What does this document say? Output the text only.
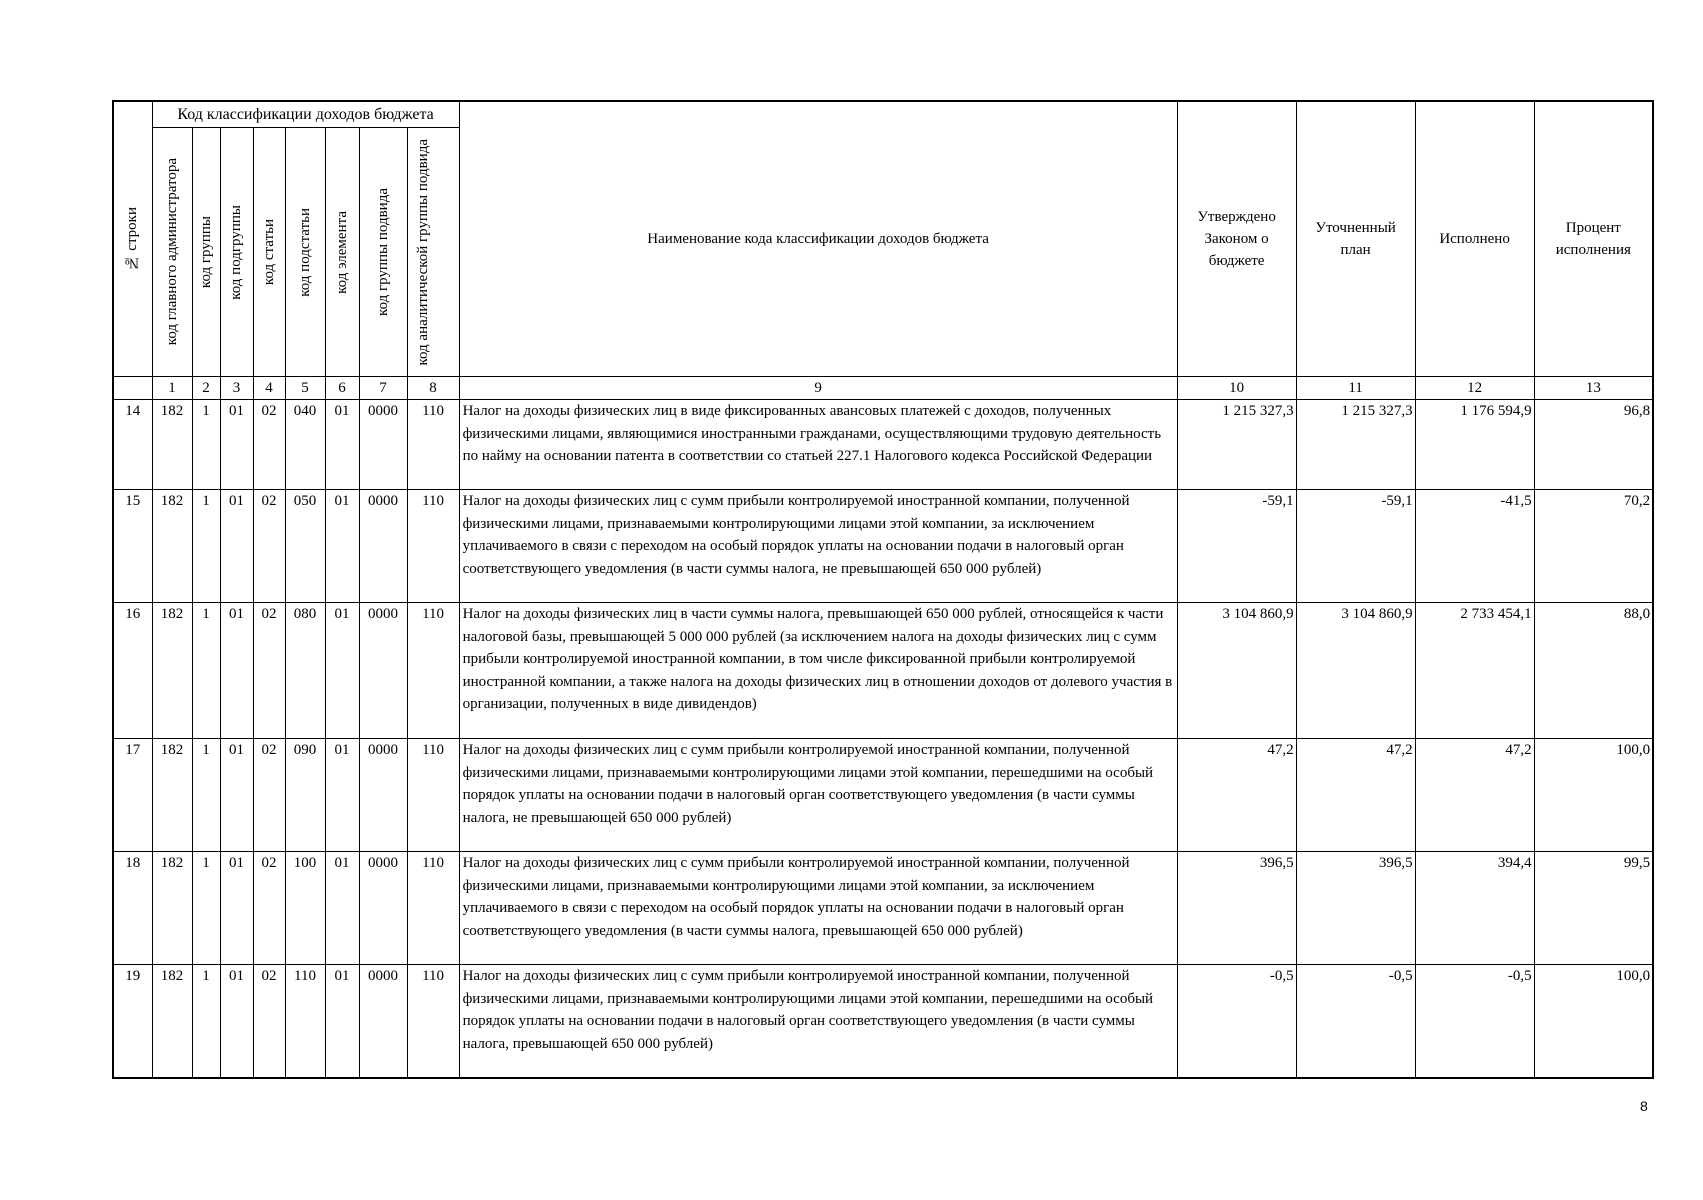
№ строки	Код классификации доходов бюджета								Наименование кода классификации доходов бюджета	Утверждено Законом о бюджете	Уточненный план	Исполнено	Процент исполнения

	код главного администратора	код группы	код подгруппы	код статьи	код подстатьи	код элемента	код группы подвида	код аналитической группы подвида					

	1	2	3	4	5	6	7	8	9	10	11	12	13
14	182	1	01	02	040	01	0000	110	Налог на доходы физических лиц в виде фиксированных авансовых платежей с доходов, полученных физическими лицами, являющимися иностранными гражданами, осуществляющими трудовую деятельность по найму на основании патента в соответствии со статьей 227.1 Налогового кодекса Российской Федерации	1 215 327,3	1 215 327,3	1 176 594,9	96,8
15	182	1	01	02	050	01	0000	110	Налог на доходы физических лиц с сумм прибыли контролируемой иностранной компании, полученной физическими лицами, признаваемыми контролирующими лицами этой компании, за исключением уплачиваемого в связи с переходом на особый порядок уплаты на основании подачи в налоговый орган соответствующего уведомления (в части суммы налога, не превышающей 650 000 рублей)	-59,1	-59,1	-41,5	70,2
16	182	1	01	02	080	01	0000	110	Налог на доходы физических лиц в части суммы налога, превышающей 650 000 рублей, относящейся к части налоговой базы, превышающей 5 000 000 рублей (за исключением налога на доходы физических лиц с сумм прибыли контролируемой иностранной компании, в том числе фиксированной прибыли контролируемой иностранной компании, а также налога на доходы физических лиц в отношении доходов от долевого участия в организации, полученных в виде дивидендов)	3 104 860,9	3 104 860,9	2 733 454,1	88,0
17	182	1	01	02	090	01	0000	110	Налог на доходы физических лиц с сумм прибыли контролируемой иностранной компании, полученной физическими лицами, признаваемыми контролирующими лицами этой компании, перешедшими на особый порядок уплаты на основании подачи в налоговый орган соответствующего уведомления (в части суммы налога, не превышающей 650 000 рублей)	47,2	47,2	47,2	100,0
18	182	1	01	02	100	01	0000	110	Налог на доходы физических лиц с сумм прибыли контролируемой иностранной компании, полученной физическими лицами, признаваемыми контролирующими лицами этой компании, за исключением уплачиваемого в связи с переходом на особый порядок уплаты на основании подачи в налоговый орган соответствующего уведомления (в части суммы налога, превышающей 650 000 рублей)	396,5	396,5	394,4	99,5
19	182	1	01	02	110	01	0000	110	Налог на доходы физических лиц с сумм прибыли контролируемой иностранной компании, полученной физическими лицами, признаваемыми контролирующими лицами этой компании, перешедшими на особый порядок уплаты на основании подачи в налоговый орган соответствующего уведомления (в части суммы налога, превышающей 650 000 рублей)	-0,5	-0,5	-0,5	100,0
8
